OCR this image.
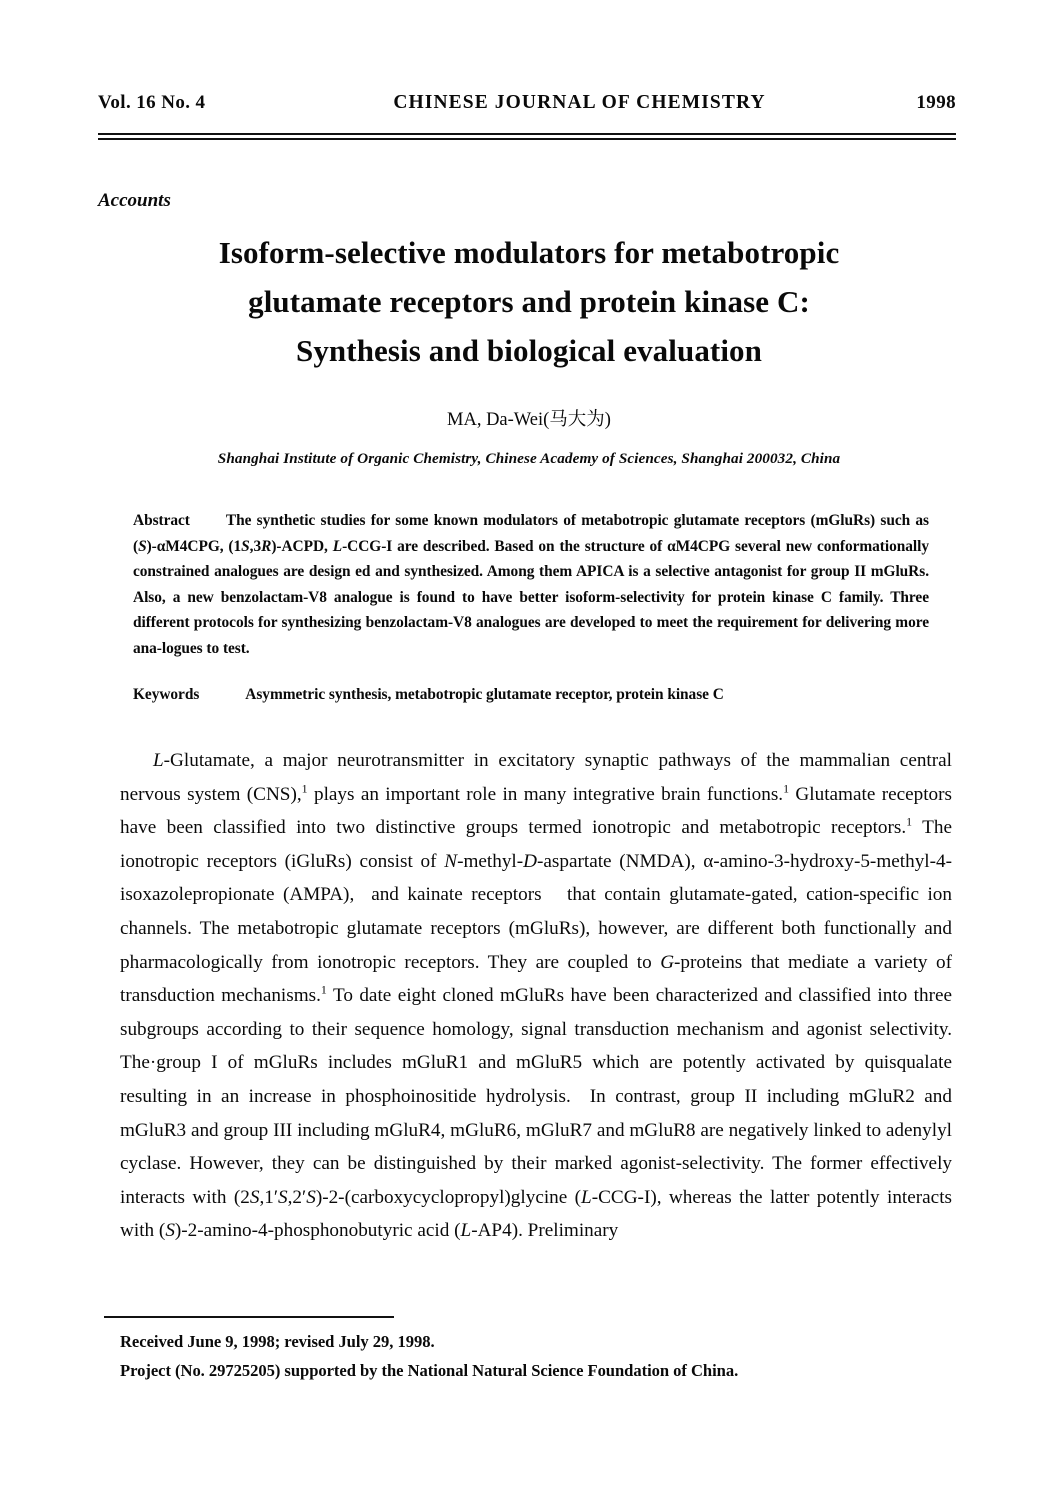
Vol. 16 No. 4	CHINESE JOURNAL OF CHEMISTRY	1998
Accounts
Isoform-selective modulators for metabotropic
glutamate receptors and protein kinase C:
Synthesis and biological evaluation
MA, Da-Wei(马大为)
Shanghai Institute of Organic Chemistry, Chinese Academy of Sciences, Shanghai 200032, China
Abstract The synthetic studies for some known modulators of metabotropic glutamate receptors (mGluRs) such as (S)-αM4CPG, (1S,3R)-ACPD, L-CCG-I are described. Based on the structure of αM4CPG several new conformationally constrained analogues are design ed and synthesized. Among them APICA is a selective antagonist for group II mGluRs. Also, a new benzolactam-V8 analogue is found to have better isoform-selectivity for protein kinase C family. Three different protocols for synthesizing benzolactam-V8 analogues are developed to meet the requirement for delivering more ana-logues to test.
Keywords	Asymmetric synthesis, metabotropic glutamate receptor, protein kinase C

L-Glutamate, a major neurotransmitter in excitatory synaptic pathways of the mammalian central nervous system (CNS),$^1$ plays an important role in many integrative brain functions.$^1$ Glutamate receptors have been classified into two distinctive groups termed ionotropic and metabotropic receptors.$^1$ The ionotropic receptors (iGluRs) consist of N-methyl-D-aspartate (NMDA), α-amino-3-hydroxy-5-methyl-4-isoxazolepropionate (AMPA),  and kainate receptors   that contain glutamate-gated, cation-specific ion channels. The metabotropic glutamate receptors (mGluRs), however, are different both functionally and pharmacologically from ionotropic receptors. They are coupled to G-proteins that mediate a variety of transduction mechanisms.$^1$ To date eight cloned mGluRs have been characterized and classified into three subgroups according to their sequence homology, signal transduction mechanism and agonist selectivity. The·group I of mGluRs includes mGluR1 and mGluR5 which are potently activated by quisqualate resulting in an increase in phosphoinositide hydrolysis.  In contrast, group II including mGluR2 and mGluR3 and group III including mGluR4, mGluR6, mGluR7 and mGluR8 are negatively linked to adenylyl cyclase. However, they can be distinguished by their marked agonist-selectivity. The former effectively interacts with (2S,1′S,2′S)-2-(carboxycyclopropyl)glycine (L-CCG-I), whereas the latter potently interacts with (S)-2-amino-4-phosphonobutyric acid (L-AP4). Preliminary

Received June 9, 1998; revised July 29, 1998.
Project (No. 29725205) supported by the National Natural Science Foundation of China.
